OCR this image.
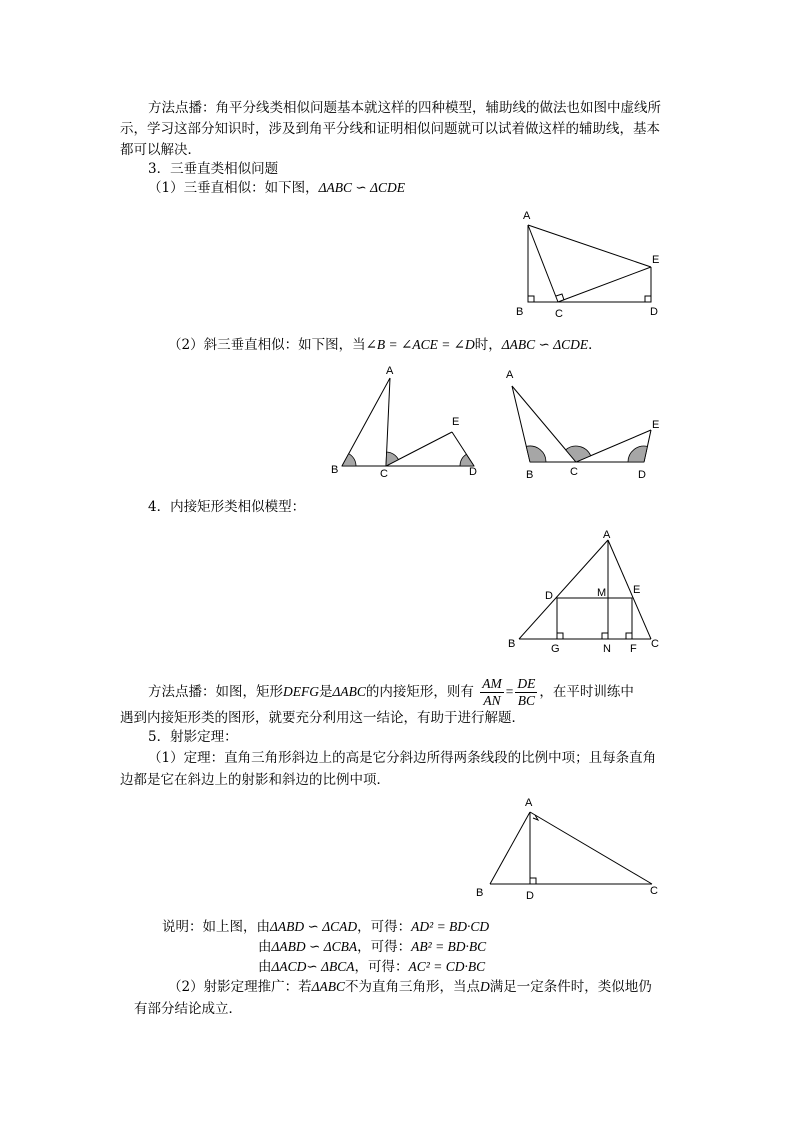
方法点播：角平分线类相似问题基本就这样的四种模型，辅助线的做法也如图中虚线所
示，学习这部分知识时，涉及到角平分线和证明相似问题就可以试着做这样的辅助线，基本
都可以解决．
3．三垂直类相似问题
（1）三垂直相似：如下图，ΔABC ∽ ΔCDE
A
B	C	D
E
（2）斜三垂直相似：如下图，当∠B = ∠ACE = ∠D时，ΔABC ∽ ΔCDE．
A
B	C	D
E
A
B	C	D
E
4．内接矩形类相似模型：
A
B	C
D	E
F
G
M
N
方法点播：如图，矩形DEFG是ΔABC的内接矩形，则有 $\frac{AM}{AN} = \frac{DE}{BC}$ ，在平时训练中
遇到内接矩形类的图形，就要充分利用这一结论，有助于进行解题．
5．射影定理：
（1）定理：直角三角形斜边上的高是它分斜边所得两条线段的比例中项；且每条直角
边都是它在斜边上的射影和斜边的比例中项．
A
B	C
D
说明：如上图，由ΔABD ∽ ΔCAD，可得：AD² = BD·CD
由ΔABD ∽ ΔCBA，可得：AB² = BD·BC
由ΔACD∽ ΔBCA，可得：AC² = CD·BC
（2）射影定理推广：若ΔABC不为直角三角形，当点D满足一定条件时，类似地仍
有部分结论成立．
